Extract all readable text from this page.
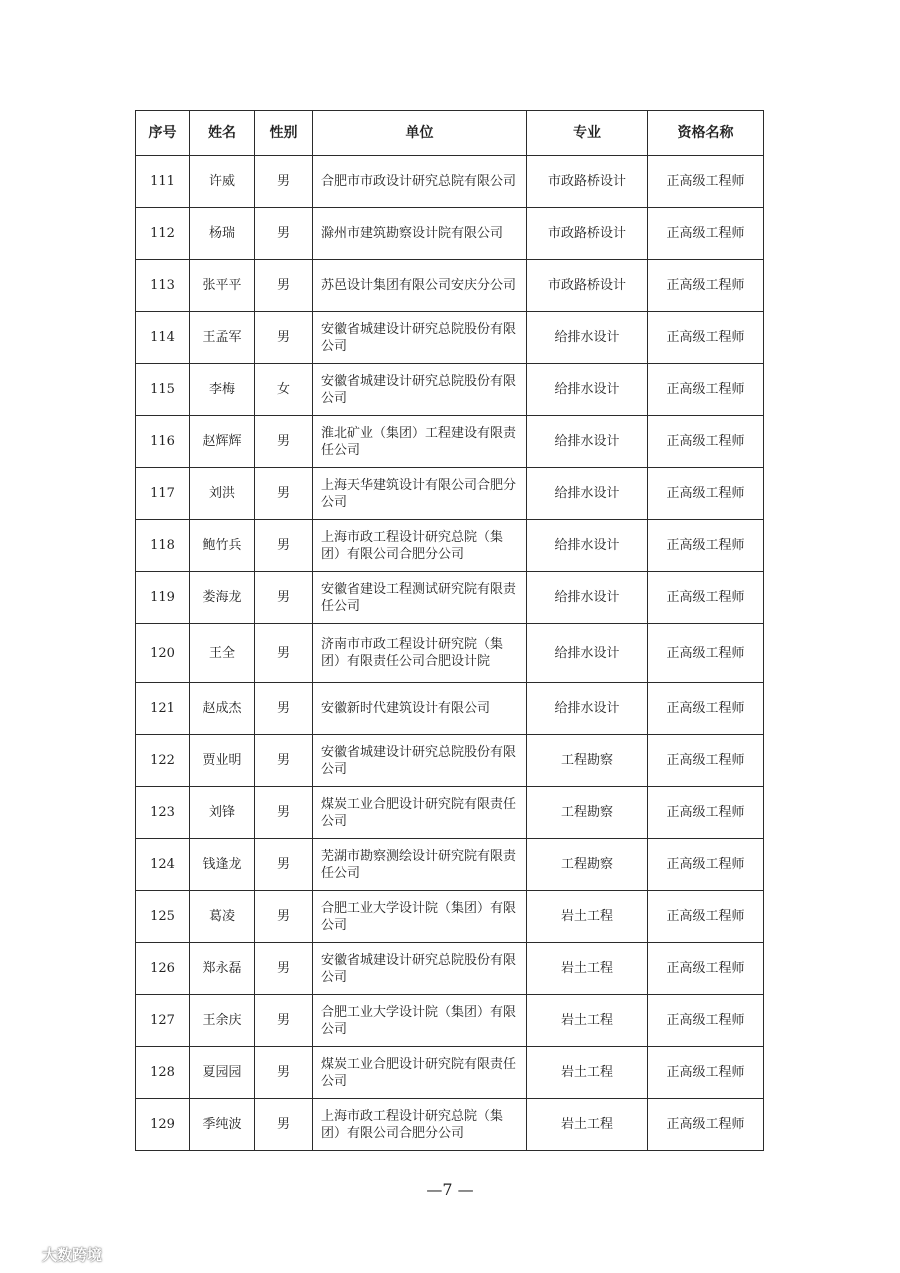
序号	姓名	性别	单位	专业	资格名称
111	许威	男	合肥市市政设计研究总院有限公司	市政路桥设计	正高级工程师
112	杨瑞	男	滁州市建筑勘察设计院有限公司	市政路桥设计	正高级工程师
113	张平平	男	苏邑设计集团有限公司安庆分公司	市政路桥设计	正高级工程师
114	王孟军	男	安徽省城建设计研究总院股份有限公司	给排水设计	正高级工程师
115	李梅	女	安徽省城建设计研究总院股份有限公司	给排水设计	正高级工程师
116	赵辉辉	男	淮北矿业（集团）工程建设有限责任公司	给排水设计	正高级工程师
117	刘洪	男	上海天华建筑设计有限公司合肥分公司	给排水设计	正高级工程师
118	鲍竹兵	男	上海市政工程设计研究总院（集团）有限公司合肥分公司	给排水设计	正高级工程师
119	娄海龙	男	安徽省建设工程测试研究院有限责任公司	给排水设计	正高级工程师
120	王全	男	济南市市政工程设计研究院（集团）有限责任公司合肥设计院	给排水设计	正高级工程师
121	赵成杰	男	安徽新时代建筑设计有限公司	给排水设计	正高级工程师
122	贾业明	男	安徽省城建设计研究总院股份有限公司	工程勘察	正高级工程师
123	刘锋	男	煤炭工业合肥设计研究院有限责任公司	工程勘察	正高级工程师
124	钱逢龙	男	芜湖市勘察测绘设计研究院有限责任公司	工程勘察	正高级工程师
125	葛凌	男	合肥工业大学设计院（集团）有限公司	岩土工程	正高级工程师
126	郑永磊	男	安徽省城建设计研究总院股份有限公司	岩土工程	正高级工程师
127	王余庆	男	合肥工业大学设计院（集团）有限公司	岩土工程	正高级工程师
128	夏园园	男	煤炭工业合肥设计研究院有限责任公司	岩土工程	正高级工程师
129	季纯波	男	上海市政工程设计研究总院（集团）有限公司合肥分公司	岩土工程	正高级工程师
—7 —
大数跨境
